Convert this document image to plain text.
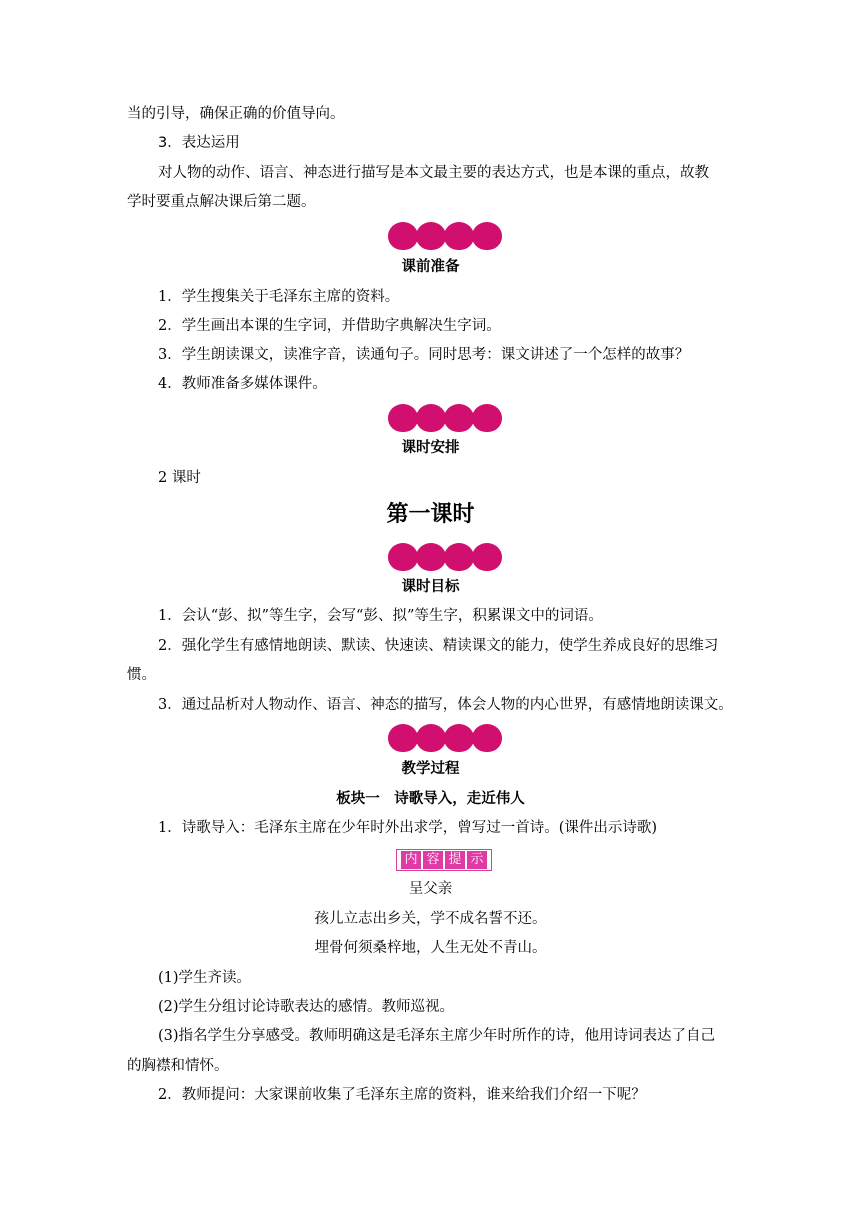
当的引导，确保正确的价值导向。
3．表达运用
对人物的动作、语言、神态进行描写是本文最主要的表达方式，也是本课的重点，故教
学时要重点解决课后第二题。
课前准备
1．学生搜集关于毛泽东主席的资料。
2．学生画出本课的生字词，并借助字典解决生字词。
3．学生朗读课文，读准字音，读通句子。同时思考：课文讲述了一个怎样的故事？
4．教师准备多媒体课件。
课时安排
2 课时
第一课时
课时目标
1．会认“彭、拟”等生字，会写“彭、拟”等生字，积累课文中的词语。
2．强化学生有感情地朗读、默读、快速读、精读课文的能力，使学生养成良好的思维习
惯。
3．通过品析对人物动作、语言、神态的描写，体会人物的内心世界，有感情地朗读课文。
教学过程
板块一　诗歌导入，走近伟人
1．诗歌导入：毛泽东主席在少年时外出求学，曾写过一首诗。(课件出示诗歌)
内 容 提 示
呈父亲
孩儿立志出乡关，学不成名誓不还。
埋骨何须桑梓地，人生无处不青山。
(1)学生齐读。
(2)学生分组讨论诗歌表达的感情。教师巡视。
(3)指名学生分享感受。教师明确这是毛泽东主席少年时所作的诗，他用诗词表达了自己
的胸襟和情怀。
2．教师提问：大家课前收集了毛泽东主席的资料，谁来给我们介绍一下呢？
